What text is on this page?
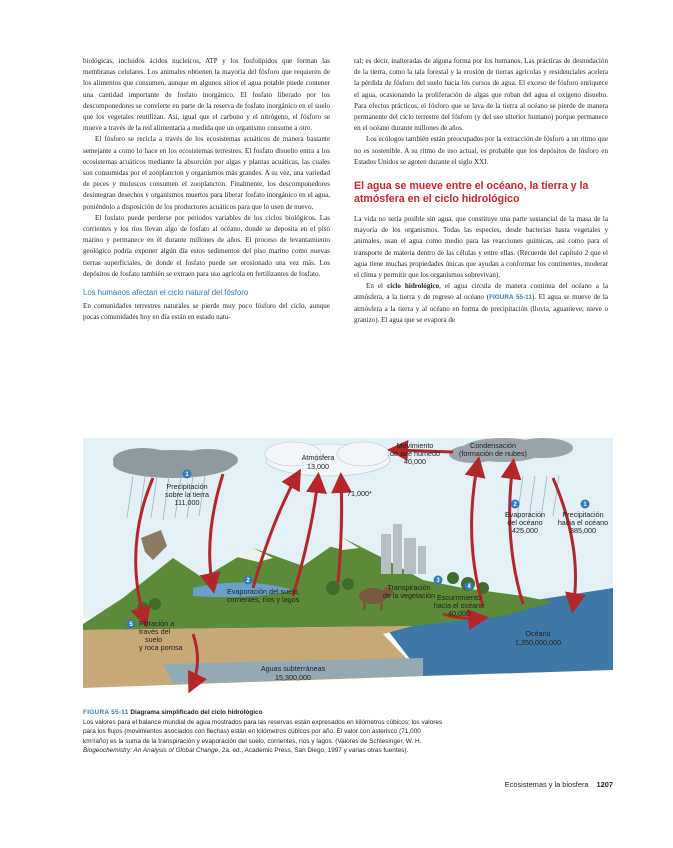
biológicas, incluidos ácidos nucleicos, ATP y los fosfolípidos que forman las membranas celulares. Los animales obtienen la mayoría del fósforo que requieren de los alimentos que consumen, aunque en algunos sitios el agua potable puede contener una cantidad importante de fosfato inorgánico. El fosfato liberado por los descomponedores se convierte en parte de la reserva de fosfato inorgánico en el suelo que los vegetales reutilizan. Así, igual que el carbono y el nitrógeno, el fósforo se mueve a través de la red alimentaria a medida que un organismo consume a otro.

El fósforo se recicla a través de los ecosistemas acuáticos de manera bastante semejante a como lo hace en los ecosistemas terrestres. El fosfato disuelto entra a los ecosistemas acuáticos mediante la absorción por algas y plantas acuáticas, las cuales son consumidas por el zooplancton y organismos más grandes. A su vez, una variedad de peces y moluscos consumen el zooplancton. Finalmente, los descomponedores desintegran desechos y organismos muertos para liberar fosfato inorgánico en el agua, poniéndolo a disposición de los productores acuáticos para que lo usen de nuevo.

El fosfato puede perderse por periodos variables de los ciclos biológicos. Las corrientes y los ríos llevan algo de fosfato al océano, donde se deposita en el piso marino y permanece en él durante millones de años. El proceso de levantamiento geológico podría exponer algún día estos sedimentos del piso marino como nuevas tierras superficiales, de donde el fosfato puede ser erosionado una vez más. Los depósitos de fosfato también se extraen para uso agrícola en fertilizantes de fosfato.

Los humanos afectan el ciclo natural del fósforo

En comunidades terrestres naturales se pierde muy poco fósforo del ciclo, aunque pocas comunidades hoy en día están en estado natu-

ral; es decir, inalteradas de alguna forma por los humanos. Las prácticas de desnudación de la tierra, como la tala forestal y la erosión de tierras agrícolas y residenciales acelera la pérdida de fósforo del suelo hacia los cursos de agua. El exceso de fósforo enriquece el agua, ocasionando la proliferación de algas que roban del agua el oxígeno disuelto. Para efectos prácticos, el fósforo que se lava de la tierra al océano se pierde de manera permanente del ciclo terrestre del fósforo (y del uso ulterior humano) porque permanece en el océano durante millones de años.

Los ecólogos también están preocupados por la extracción de fósforo a un ritmo que no es sostenible. A su ritmo de uso actual, es probable que los depósitos de fósforo en Estados Unidos se agoten durante el siglo XXI.

El agua se mueve entre el océano, la tierra y la atmósfera en el ciclo hidrológico

La vida no sería posible sin agua, que constituye una parte sustancial de la masa de la mayoría de los organismos. Todas las especies, desde bacterias hasta vegetales y animales, usan el agua como medio para las reacciones químicas, así como para el transporte de materia dentro de las células y entre ellas. (Recuerde del capítulo 2 que el agua tiene muchas propiedades únicas que ayudan a conformar los continentes, moderar el clima y permitir que los organismos sobrevivan).

En el ciclo hidrológico, el agua circula de manera continua del océano a la atmósfera, a la tierra y de regreso al océano (FIGURA 55-11). El agua se mueve de la atmósfera a la tierra y al océano en forma de precipitación (lluvia, aguanieve, nieve o granizo). El agua que se evapora de

Atmósfera
13,000
Movimiento
de aire húmedo
40,000
Condensación
(formación de nubes)
71,000*
1
Precipitación
sobre la tierra
111,000	2
Evaporación
del océano
425,000
1
Precipitación
hacia el océano
385,000
2
Evaporación del suelo,
corrientes, ríos y lagos
3
Transpiración
de la vegetación
4
Escurrimiento
hacia el océano
40,000
5 Filtración a
través del
suelo
y roca porosa
Aguas subterráneas
15,300,000
Océano
1,350,000,000
FIGURA 55-11 Diagrama simplificado del ciclo hidrológico
Los valores para el balance mundial de agua mostrados para las reservas están expresados en kilómetros cúbicos; los valores para los flujos (movimientos asociados con flechas) están en kilómetros cúbicos por año. El valor con asterisco (71,000 km³/año) es la suma de la transpiración y evaporación del suelo, corrientes, ríos y lagos. (Valores de Schlesinger, W. H. Biogeochemistry: An Analysis of Global Change, 2a. ed., Academic Press, San Diego, 1997 y varias otras fuentes).
Ecosistemas y la biosfera 1207
